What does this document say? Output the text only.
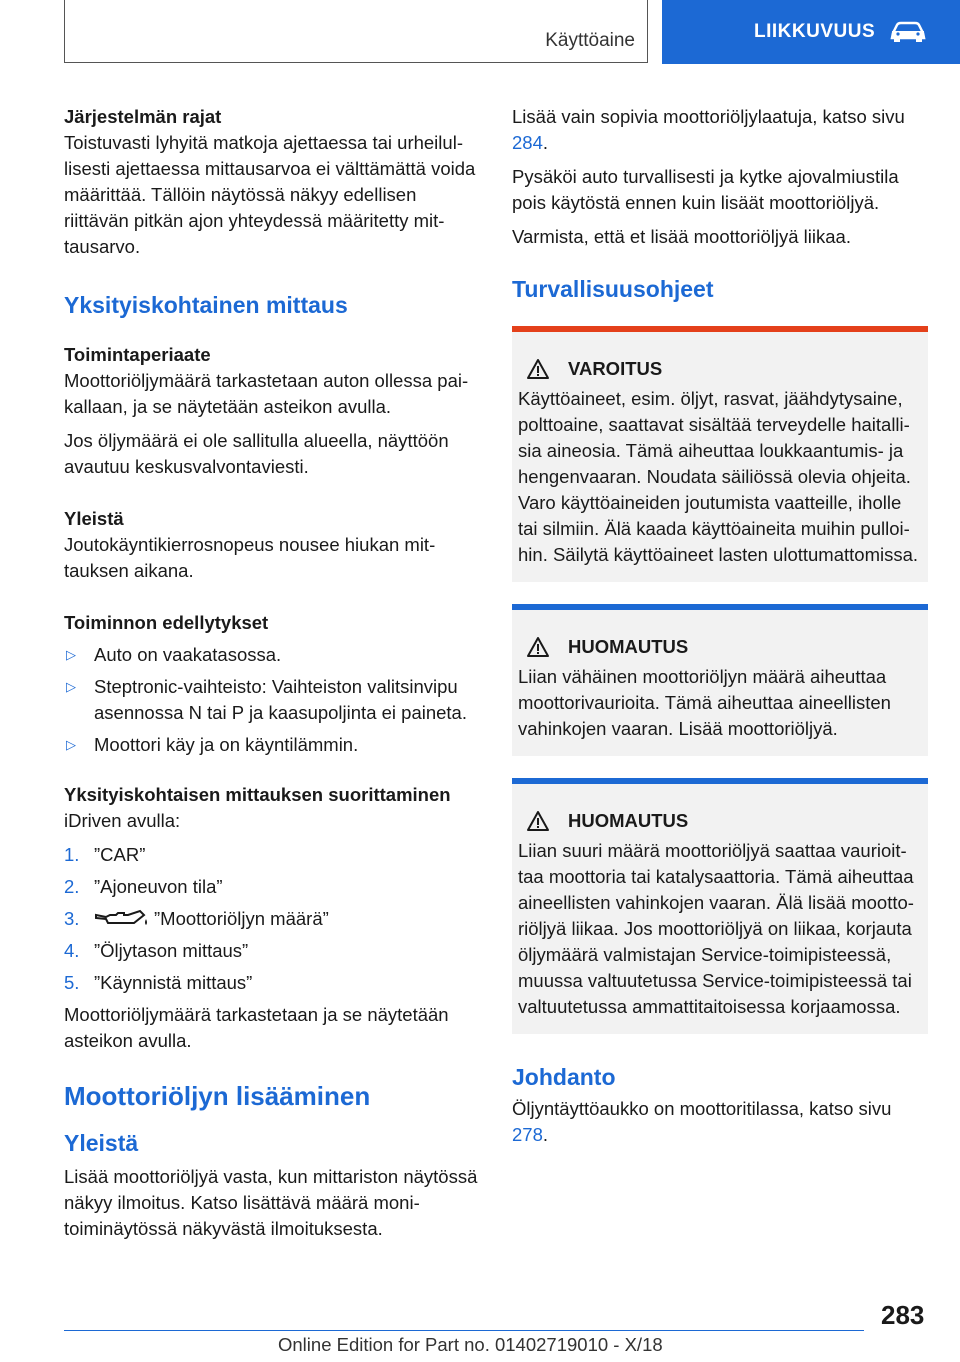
Käyttöaine	LIIKKUVUUS
Järjestelmän rajat

Toistuvasti lyhyitä matkoja ajettaessa tai urheilullisesti ajettaessa mittausarvoa ei välttämättä voida määrittää. Tällöin näytössä näkyy edellisen riittävän pitkän ajon yhteydessä määritetty mittausarvo.

Yksityiskohtainen mittaus
Toimintaperiaate

Moottoriöljymäärä tarkastetaan auton ollessa paikallaan, ja se näytetään asteikon avulla.

Jos öljymäärä ei ole sallitulla alueella, näyttöön avautuu keskusvalvontaviesti.

Yleistä

Joutokäyntikierrosnopeus nousee hiukan mittauksen aikana.

Toiminnon edellytykset
▷ Auto on vaakatasossa.
▷ Steptronic-vaihteisto: Vaihteiston valitsinvipu asennossa N tai P ja kaasupoljinta ei paineta.
▷ Moottori käy ja on käyntilämmin.
Yksityiskohtaisen mittauksen suorittaminen

iDriven avulla:

1. ”CAR”
2. ”Ajoneuvon tila”
3.	”Moottoriöljyn määrä”
4. ”Öljytason mittaus”
5. ”Käynnistä mittaus”

Moottoriöljymäärä tarkastetaan ja se näytetään asteikon avulla.

Moottoriöljyn lisääminen
Yleistä

Lisää moottoriöljyä vasta, kun mittariston näytössä näkyy ilmoitus. Katso lisättävä määrä monitoiminäytössä näkyvästä ilmoituksesta.

Lisää vain sopivia moottoriöljylaatuja, katso sivu 284.

Pysäköi auto turvallisesti ja kytke ajovalmiustila pois käytöstä ennen kuin lisäät moottoriöljyä.

Varmista, että et lisää moottoriöljyä liikaa.

Turvallisuusohjeet
VAROITUS
Käyttöaineet, esim. öljyt, rasvat, jäähdytysaine, polttoaine, saattavat sisältää terveydelle haitallisia aineosia. Tämä aiheuttaa loukkaantumis- ja hengenvaaran. Noudata säiliössä olevia ohjeita. Varo käyttöaineiden joutumista vaatteille, iholle tai silmiin. Älä kaada käyttöaineita muihin pulloihin. Säilytä käyttöaineet lasten ulottumattomissa.
HUOMAUTUS
Liian vähäinen moottoriöljyn määrä aiheuttaa moottorivaurioita. Tämä aiheuttaa aineellisten vahinkojen vaaran. Lisää moottoriöljyä.
HUOMAUTUS
Liian suuri määrä moottoriöljyä saattaa vaurioittaa moottoria tai katalysaattoria. Tämä aiheuttaa aineellisten vahinkojen vaaran. Älä lisää moottoriöljyä liikaa. Jos moottoriöljyä on liikaa, korjauta öljymäärä valmistajan Service-toimipisteessä, muussa valtuutetussa Service-toimipisteessä tai valtuutetussa ammattitaitoisessa korjaamossa.
Johdanto

Öljyntäyttöaukko on moottoritilassa, katso sivu 278.

283
Online Edition for Part no. 01402719010 - X/18
